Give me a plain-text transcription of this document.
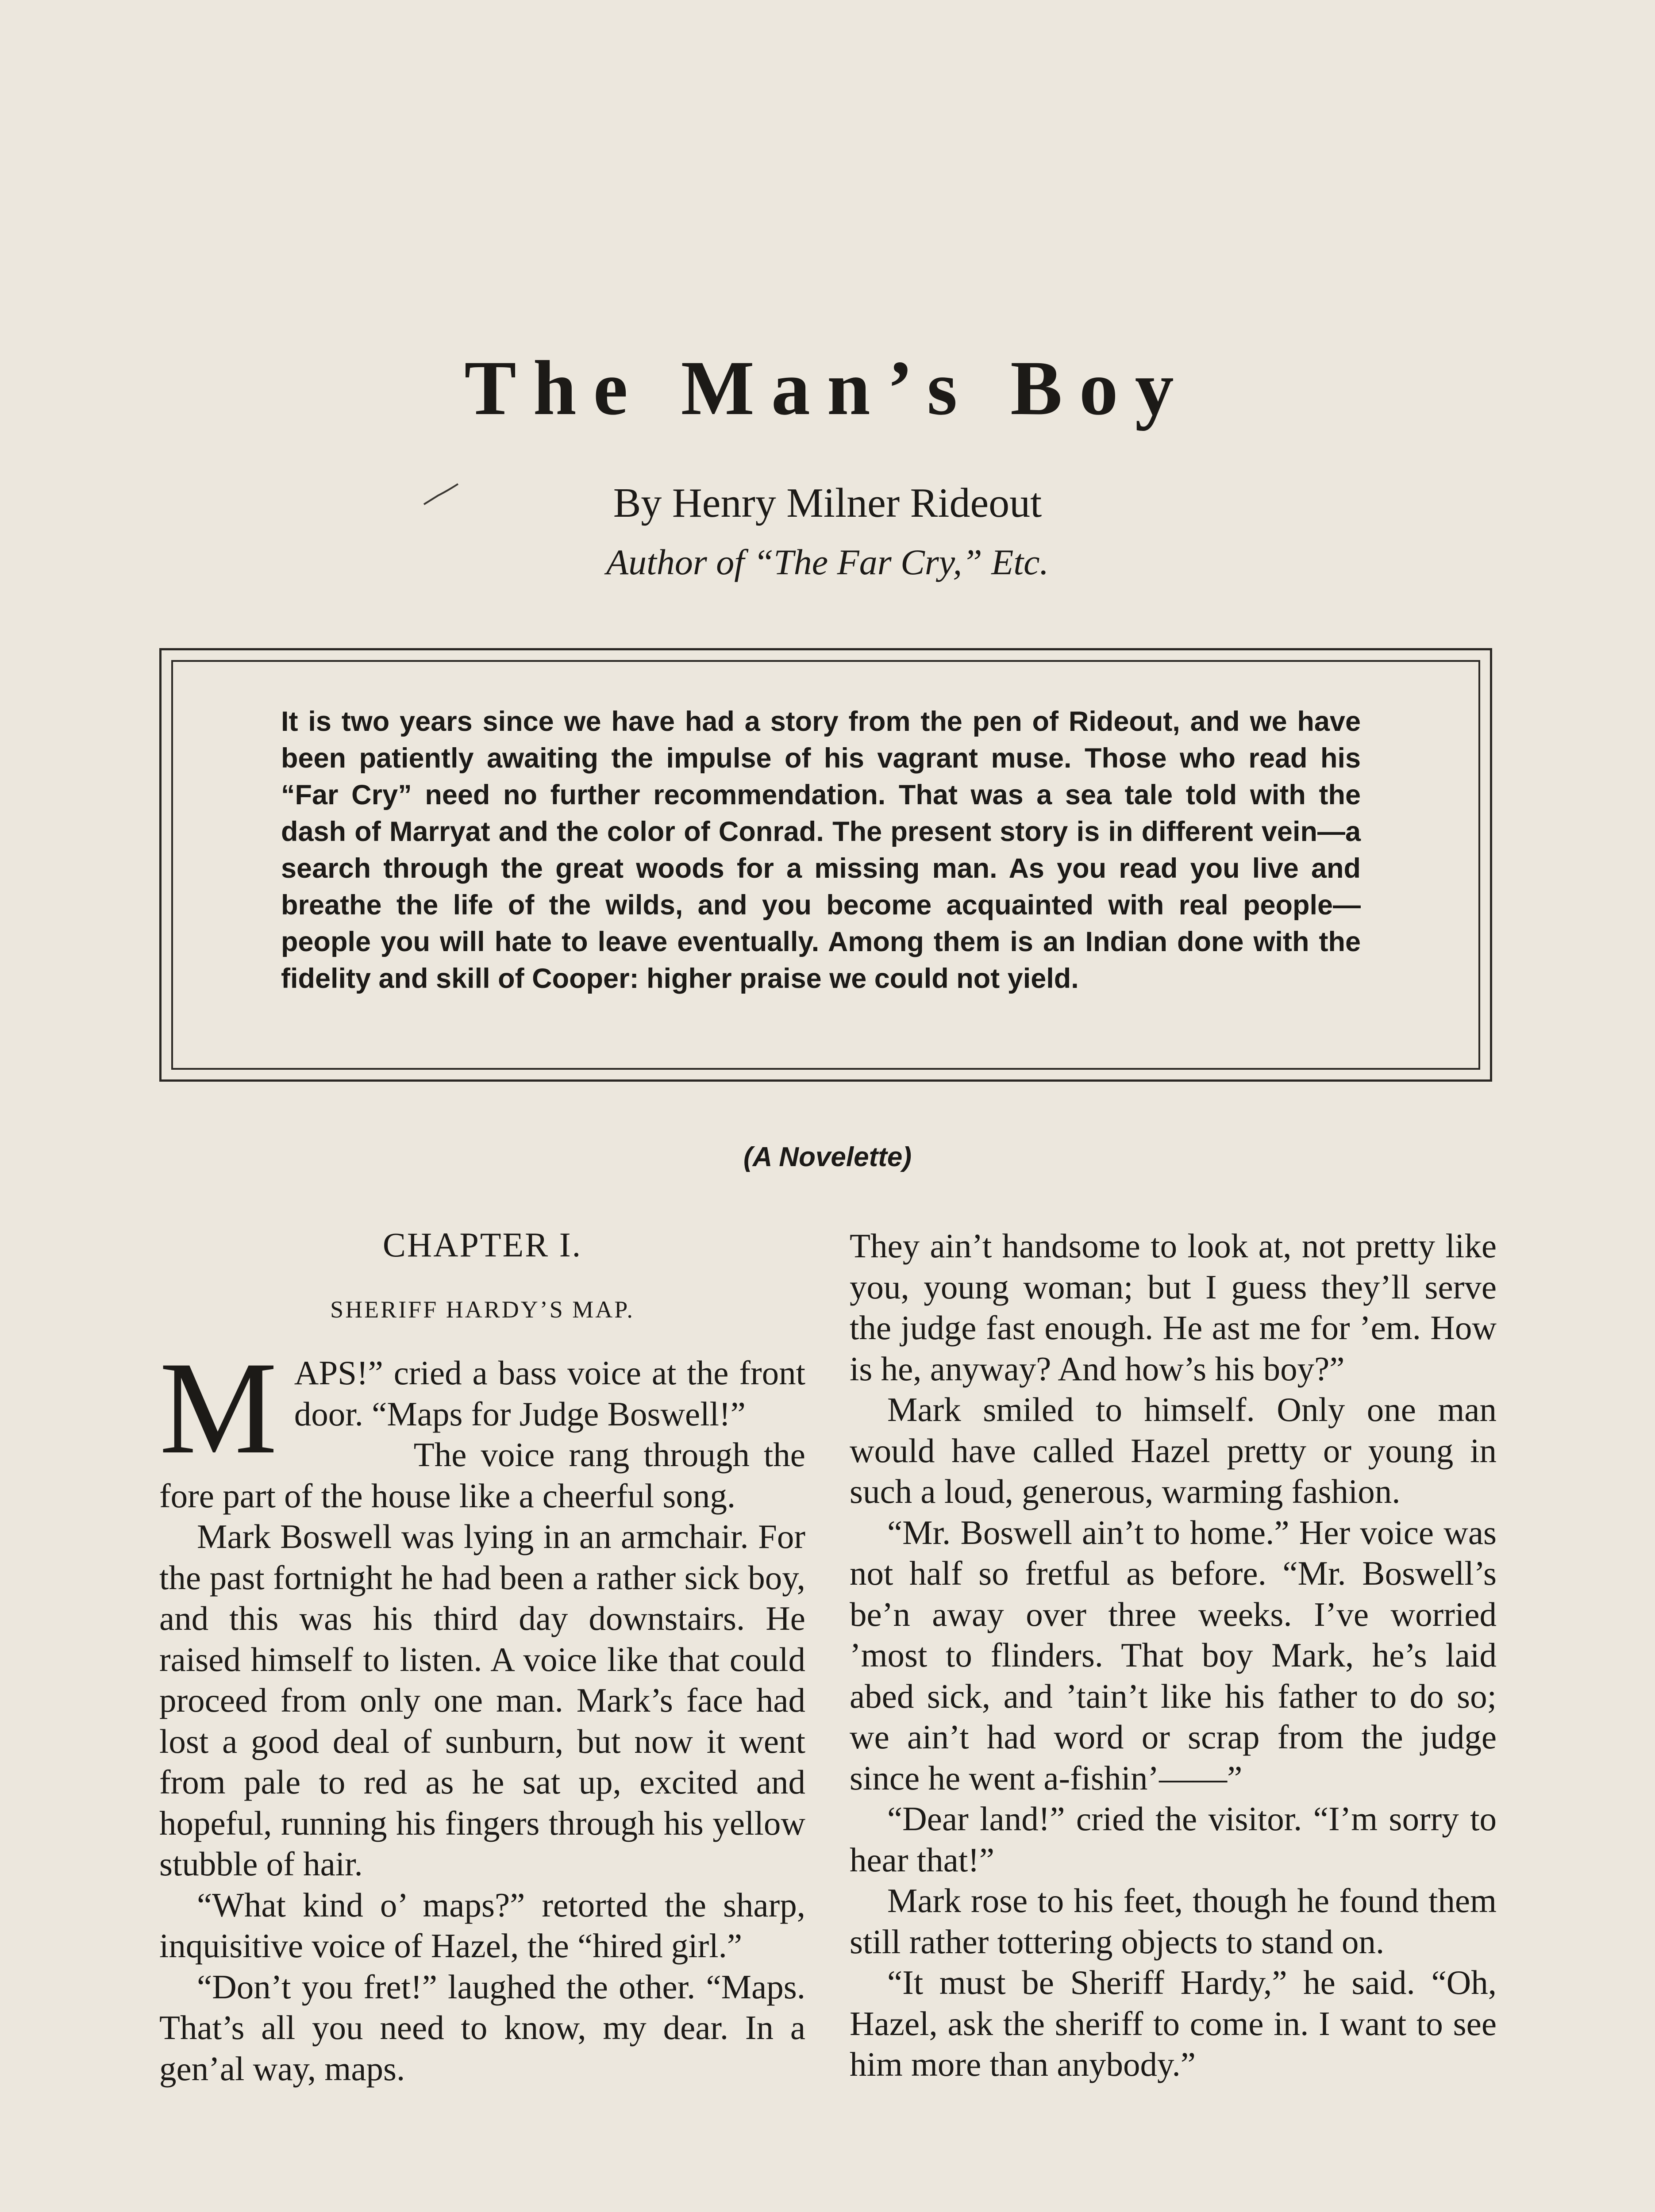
The Man’s Boy
By Henry Milner Rideout
Author of “The Far Cry,” Etc.
It is two years since we have had a story from the pen of Rideout, and we have been patiently awaiting the impulse of his vagrant muse. Those who read his “Far Cry” need no further recommendation. That was a sea tale told with the dash of Marryat and the color of Conrad. The present story is in different vein—a search through the great woods for a missing man. As you read you live and breathe the life of the wilds, and you become acquainted with real people—people you will hate to leave eventually. Among them is an Indian done with the fidelity and skill of Cooper: higher praise we could not yield.
(A Novelette)
CHAPTER I.
SHERIFF HARDY’S MAP.

MAPS!” cried a bass voice at the front door. “Maps for Judge Boswell!”

The voice rang through the fore part of the house like a cheerful song.

Mark Boswell was lying in an armchair. For the past fortnight he had been a rather sick boy, and this was his third day downstairs. He raised himself to listen. A voice like that could proceed from only one man. Mark’s face had lost a good deal of sunburn, but now it went from pale to red as he sat up, excited and hopeful, running his fingers through his yellow stubble of hair.

“What kind o’ maps?” retorted the sharp, inquisitive voice of Hazel, the “hired girl.”

“Don’t you fret!” laughed the other. “Maps. That’s all you need to know, my dear. In a gen’al way, maps.

They ain’t handsome to look at, not pretty like you, young woman; but I guess they’ll serve the judge fast enough. He ast me for ’em. How is he, anyway? And how’s his boy?”

Mark smiled to himself. Only one man would have called Hazel pretty or young in such a loud, generous, warming fashion.

“Mr. Boswell ain’t to home.” Her voice was not half so fretful as before. “Mr. Boswell’s be’n away over three weeks. I’ve worried ’most to flinders. That boy Mark, he’s laid abed sick, and ’tain’t like his father to do so; we ain’t had word or scrap from the judge since he went a-fishin’——”

“Dear land!” cried the visitor. “I’m sorry to hear that!”

Mark rose to his feet, though he found them still rather tottering objects to stand on.

“It must be Sheriff Hardy,” he said. “Oh, Hazel, ask the sheriff to come in. I want to see him more than anybody.”
